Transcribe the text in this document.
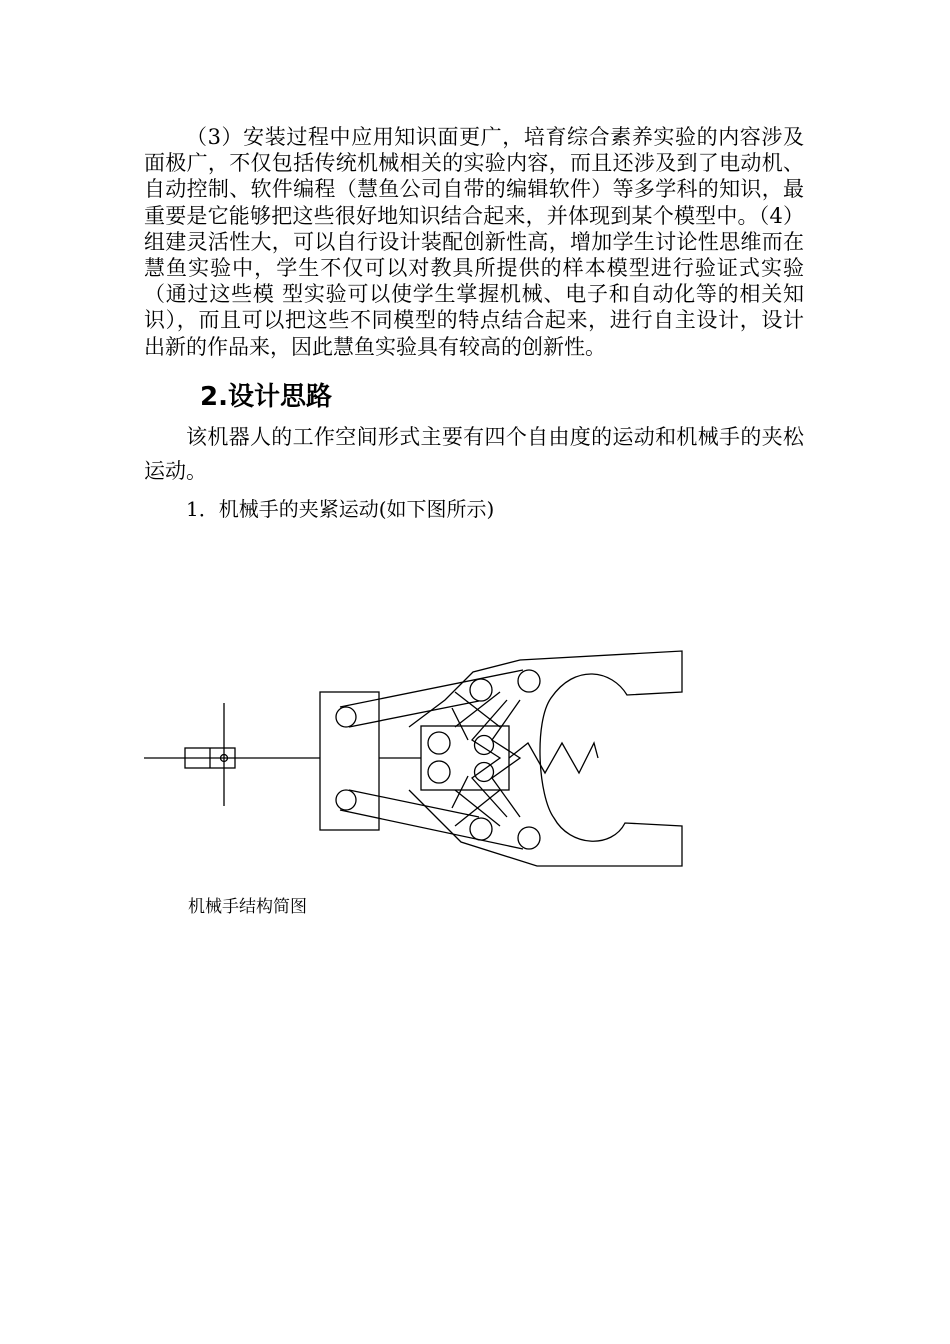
（3）安装过程中应用知识面更广，培育综合素养实验的内容涉及面极广，不仅包括传统机械相关的实验内容，而且还涉及到了电动机、自动控制、软件编程（慧鱼公司自带的编辑软件）等多学科的知识，最重要是它能够把这些很好地知识结合起来，并体现到某个模型中。（4）组建灵活性大，可以自行设计装配创新性高，增加学生讨论性思维而在慧鱼实验中，学生不仅可以对教具所提供的样本模型进行验证式实验（通过这些模 型实验可以使学生掌握机械、电子和自动化等的相关知识），而且可以把这些不同模型的特点结合起来，进行自主设计，设计出新的作品来，因此慧鱼实验具有较高的创新性。

2.设计思路

该机器人的工作空间形式主要有四个自由度的运动和机械手的夹松运动。

1．机械手的夹紧运动(如下图所示)

机械手结构简图
